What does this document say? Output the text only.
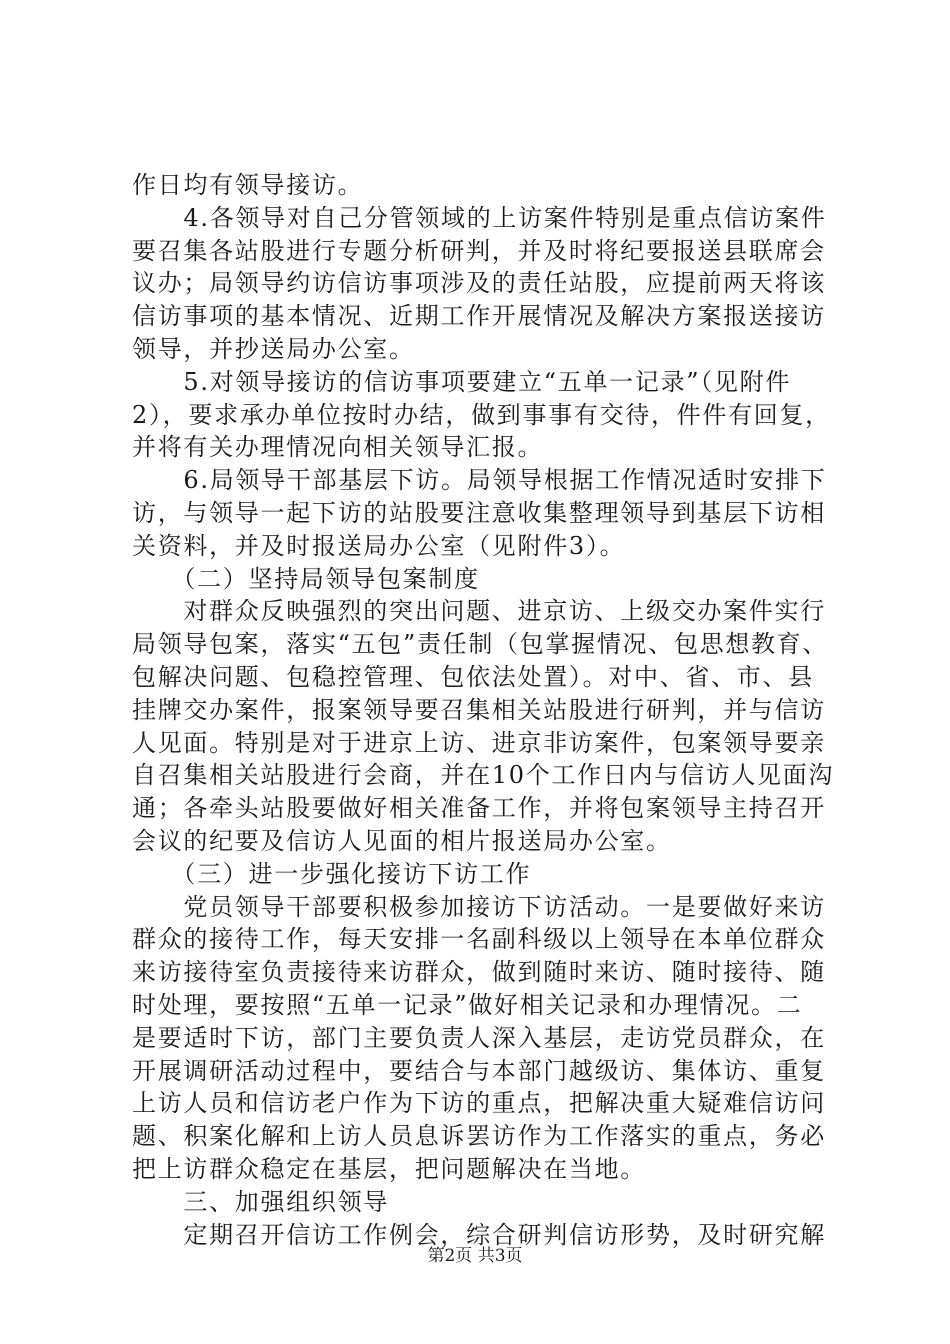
作日均有领导接访。
　　4.各领导对自己分管领域的上访案件特别是重点信访案件
要召集各站股进行专题分析研判，并及时将纪要报送县联席会
议办；局领导约访信访事项涉及的责任站股，应提前两天将该
信访事项的基本情况、近期工作开展情况及解决方案报送接访
领导，并抄送局办公室。
　　5.对领导接访的信访事项要建立“五单一记录”（见附件
2），要求承办单位按时办结，做到事事有交待，件件有回复，
并将有关办理情况向相关领导汇报。
　　6.局领导干部基层下访。局领导根据工作情况适时安排下
访，与领导一起下访的站股要注意收集整理领导到基层下访相
关资料，并及时报送局办公室（见附件3）。
　　（二）坚持局领导包案制度
　　对群众反映强烈的突出问题、进京访、上级交办案件实行
局领导包案，落实“五包”责任制（包掌握情况、包思想教育、
包解决问题、包稳控管理、包依法处置）。对中、省、市、县
挂牌交办案件，报案领导要召集相关站股进行研判，并与信访
人见面。特别是对于进京上访、进京非访案件，包案领导要亲
自召集相关站股进行会商，并在10个工作日内与信访人见面沟
通；各牵头站股要做好相关准备工作，并将包案领导主持召开
会议的纪要及信访人见面的相片报送局办公室。
　　（三）进一步强化接访下访工作
　　党员领导干部要积极参加接访下访活动。一是要做好来访
群众的接待工作，每天安排一名副科级以上领导在本单位群众
来访接待室负责接待来访群众，做到随时来访、随时接待、随
时处理，要按照“五单一记录”做好相关记录和办理情况。二
是要适时下访，部门主要负责人深入基层，走访党员群众，在
开展调研活动过程中，要结合与本部门越级访、集体访、重复
上访人员和信访老户作为下访的重点，把解决重大疑难信访问
题、积案化解和上访人员息诉罢访作为工作落实的重点，务必
把上访群众稳定在基层，把问题解决在当地。
　　三、加强组织领导
　　定期召开信访工作例会，综合研判信访形势，及时研究解
第2页 共3页
